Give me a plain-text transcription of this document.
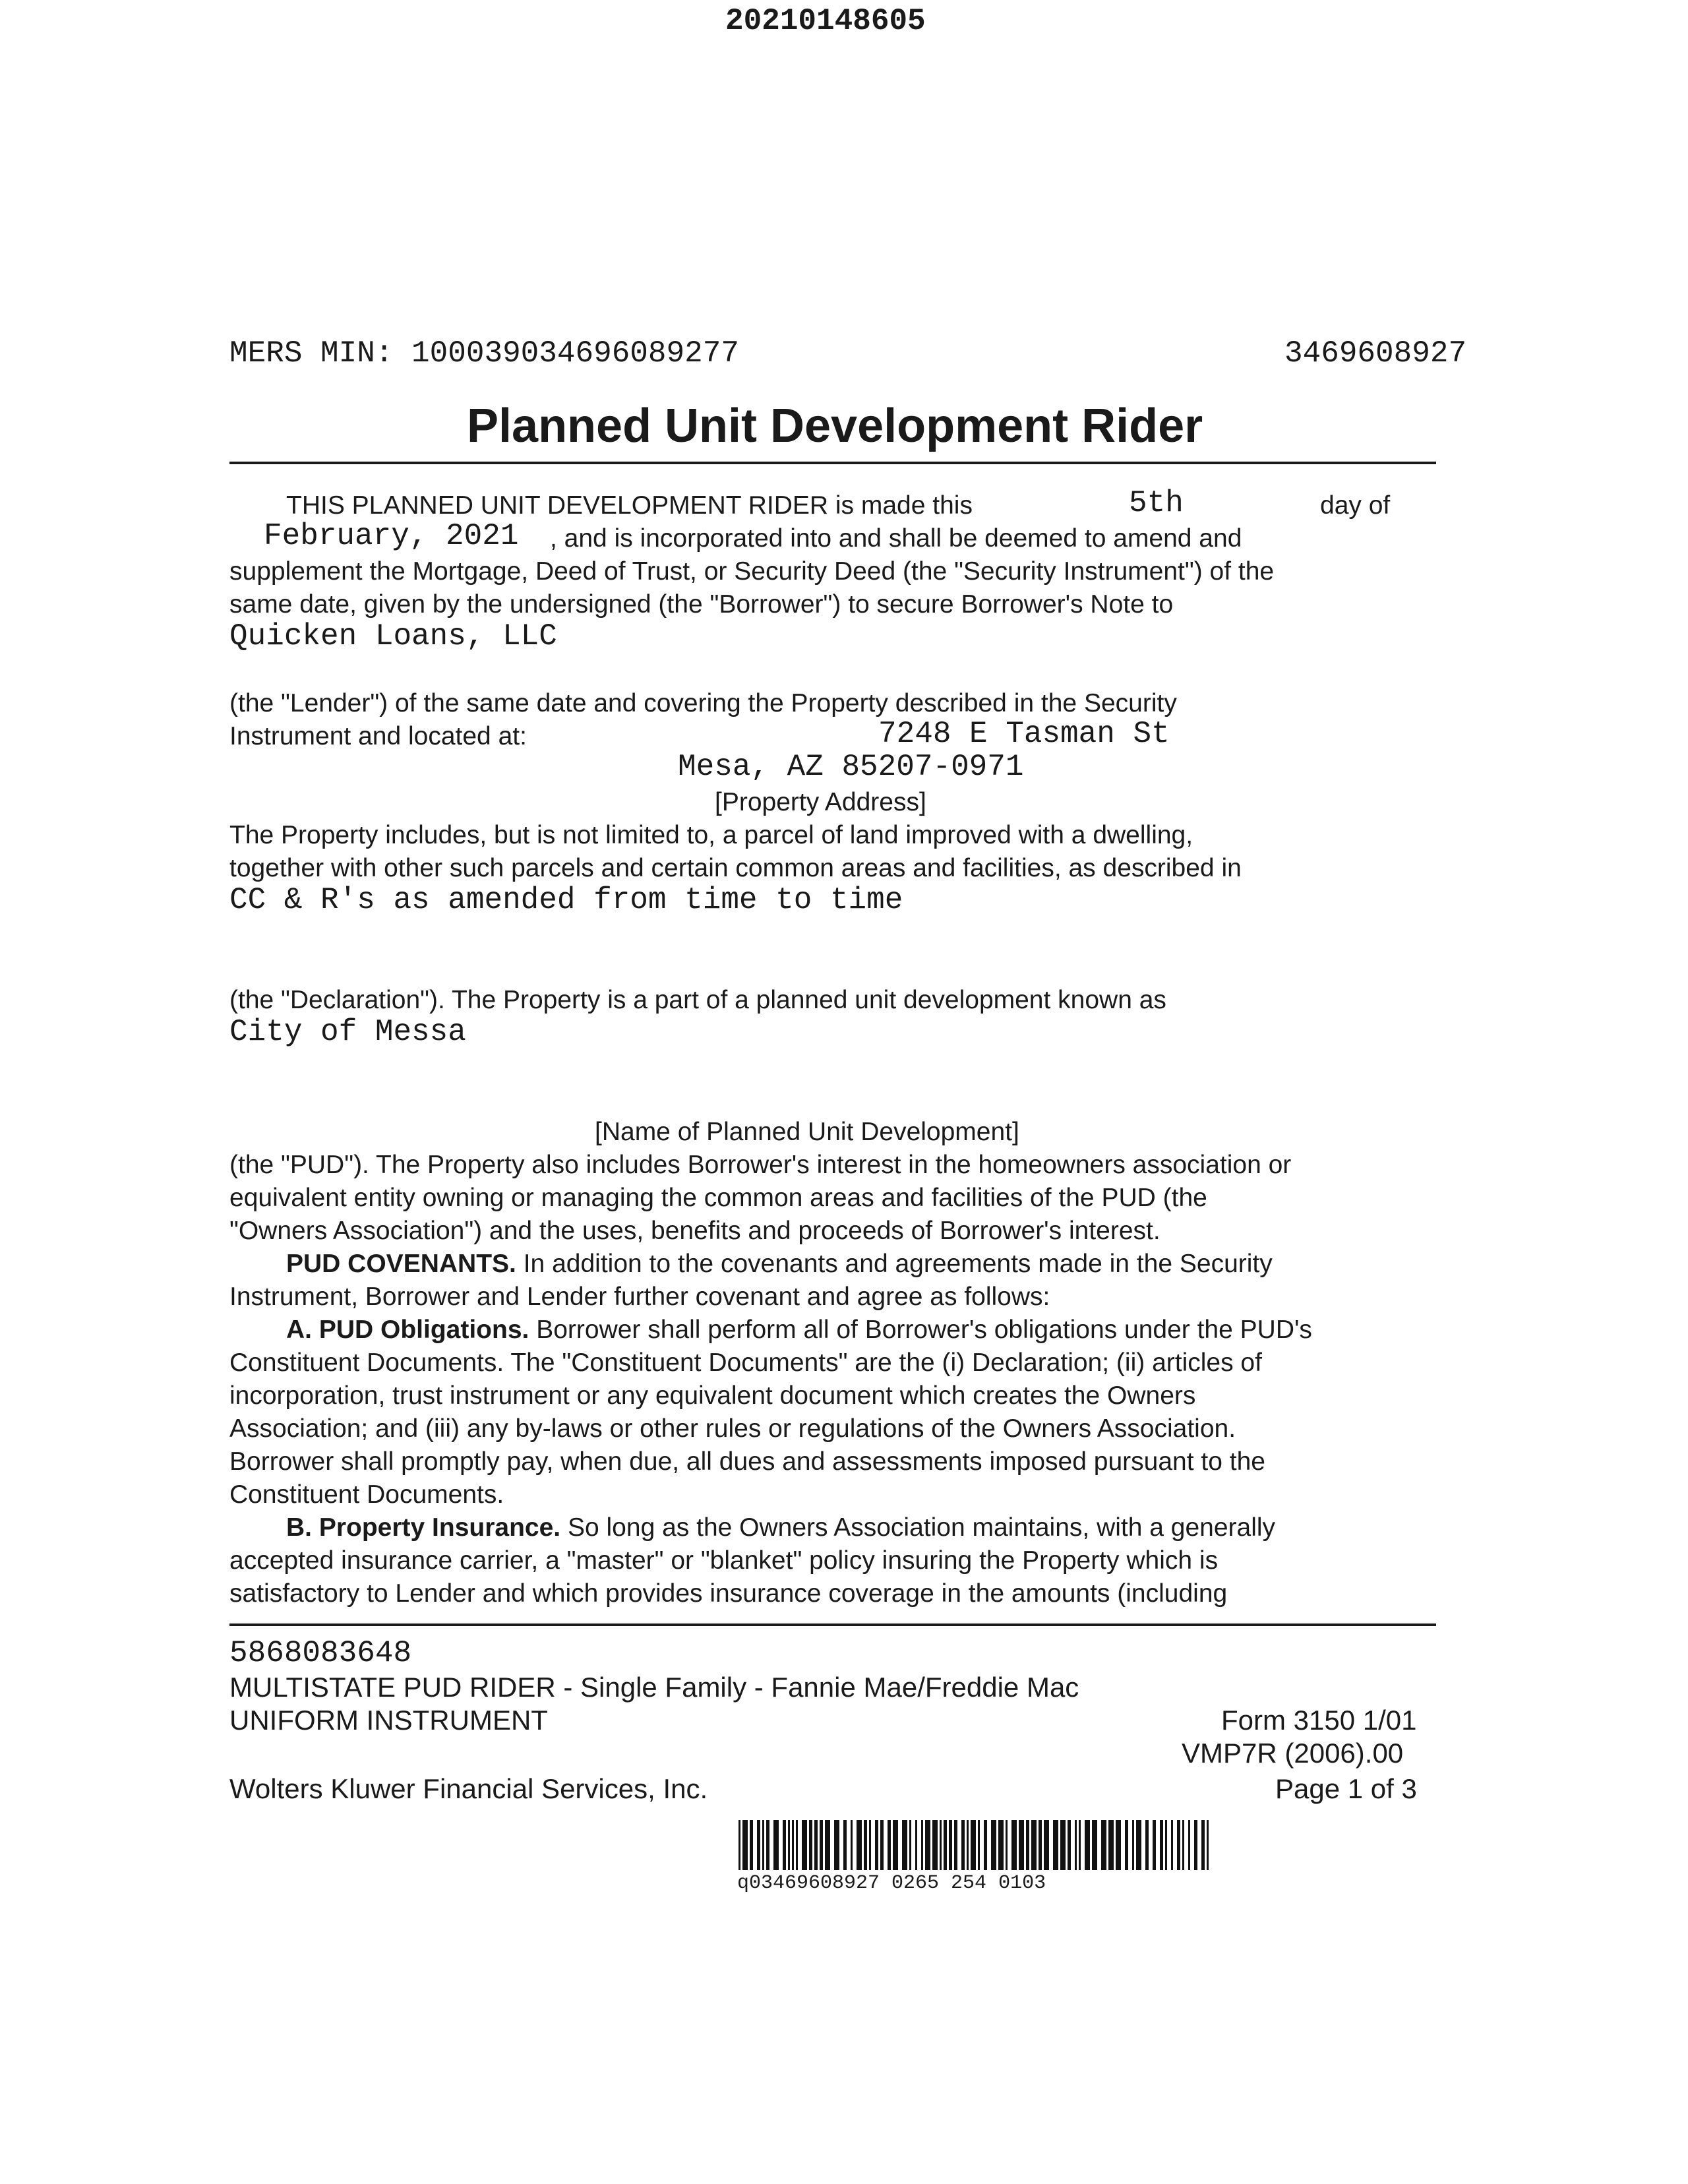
20210148605
MERS MIN: 100039034696089277	3469608927
Planned Unit Development Rider
THIS PLANNED UNIT DEVELOPMENT RIDER is made this	5th	day of
February, 2021 , and is incorporated into and shall be deemed to amend and
supplement the Mortgage, Deed of Trust, or Security Deed (the "Security Instrument") of the
same date, given by the undersigned (the "Borrower") to secure Borrower's Note to
Quicken Loans, LLC
(the "Lender") of the same date and covering the Property described in the Security
Instrument and located at:	7248 E Tasman St
Mesa, AZ 85207-0971
[Property Address]
The Property includes, but is not limited to, a parcel of land improved with a dwelling,
together with other such parcels and certain common areas and facilities, as described in
CC & R's as amended from time to time
(the "Declaration"). The Property is a part of a planned unit development known as
City of Messa
[Name of Planned Unit Development]
(the "PUD"). The Property also includes Borrower's interest in the homeowners association or
equivalent entity owning or managing the common areas and facilities of the PUD (the
"Owners Association") and the uses, benefits and proceeds of Borrower's interest.
PUD COVENANTS. In addition to the covenants and agreements made in the Security
Instrument, Borrower and Lender further covenant and agree as follows:
A. PUD Obligations. Borrower shall perform all of Borrower's obligations under the PUD's
Constituent Documents. The "Constituent Documents" are the (i) Declaration; (ii) articles of
incorporation, trust instrument or any equivalent document which creates the Owners
Association; and (iii) any by-laws or other rules or regulations of the Owners Association.
Borrower shall promptly pay, when due, all dues and assessments imposed pursuant to the
Constituent Documents.
B. Property Insurance. So long as the Owners Association maintains, with a generally
accepted insurance carrier, a "master" or "blanket" policy insuring the Property which is
satisfactory to Lender and which provides insurance coverage in the amounts (including
5868083648
MULTISTATE PUD RIDER - Single Family - Fannie Mae/Freddie Mac
UNIFORM INSTRUMENT	Form 3150 1/01
VMP7R (2006).00
Wolters Kluwer Financial Services, Inc.	Page 1 of 3
q03469608927 0265 254 0103
